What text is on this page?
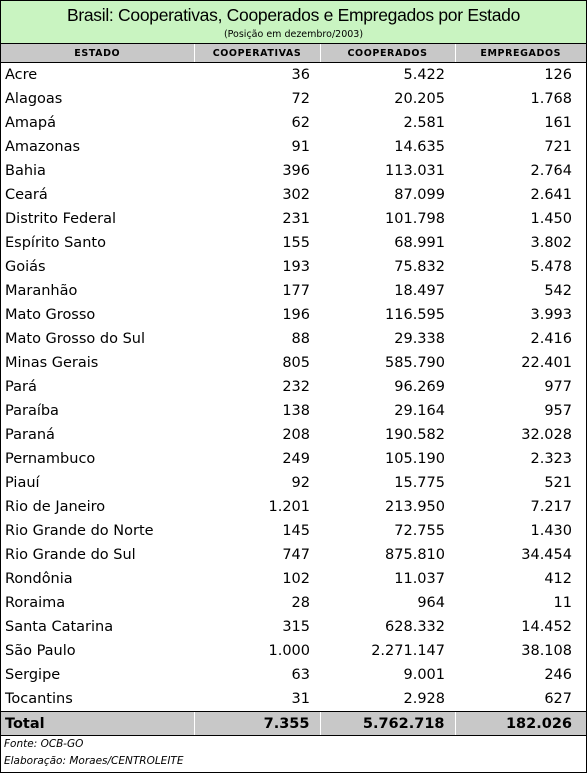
Brasil: Cooperativas, Cooperados e Empregados por Estado
(Posição em dezembro/2003)
ESTADO	COOPERATIVAS	COOPERADOS	EMPREGADOS
Acre	36	5.422	126
Alagoas	72	20.205	1.768
Amapá	62	2.581	161
Amazonas	91	14.635	721
Bahia	396	113.031	2.764
Ceará	302	87.099	2.641
Distrito Federal	231	101.798	1.450
Espírito Santo	155	68.991	3.802
Goiás	193	75.832	5.478
Maranhão	177	18.497	542
Mato Grosso	196	116.595	3.993
Mato Grosso do Sul	88	29.338	2.416
Minas Gerais	805	585.790	22.401
Pará	232	96.269	977
Paraíba	138	29.164	957
Paraná	208	190.582	32.028
Pernambuco	249	105.190	2.323
Piauí	92	15.775	521
Rio de Janeiro	1.201	213.950	7.217
Rio Grande do Norte	145	72.755	1.430
Rio Grande do Sul	747	875.810	34.454
Rondônia	102	11.037	412
Roraima	28	964	11
Santa Catarina	315	628.332	14.452
São Paulo	1.000	2.271.147	38.108
Sergipe	63	9.001	246
Tocantins	31	2.928	627
Total	7.355	5.762.718	182.026
Fonte: OCB-GO
Elaboração: Moraes/CENTROLEITE
